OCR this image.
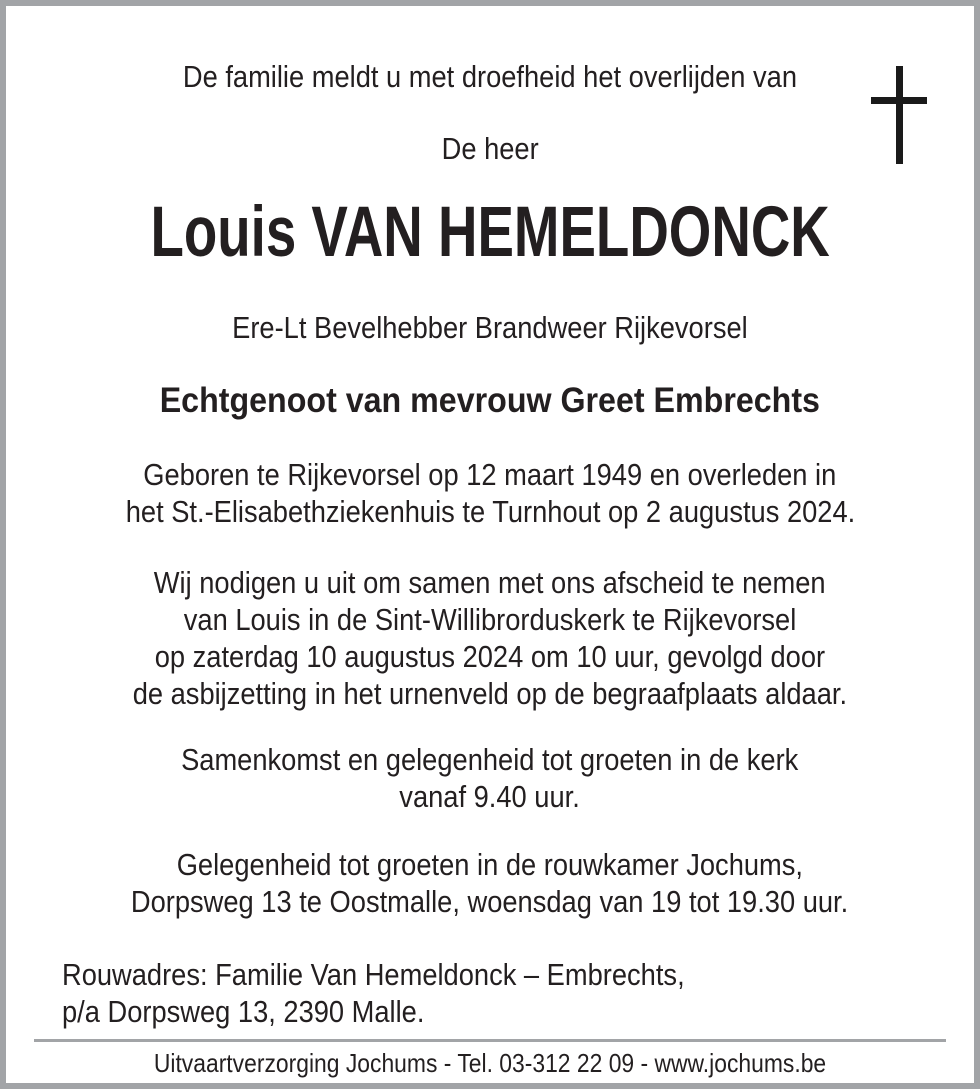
De familie meldt u met droefheid het overlijden van
De heer
Louis VAN HEMELDONCK
Ere-Lt Bevelhebber Brandweer Rijkevorsel
Echtgenoot van mevrouw Greet Embrechts
Geboren te Rijkevorsel op 12 maart 1949 en overleden in
het St.-Elisabethziekenhuis te Turnhout op 2 augustus 2024.
Wij nodigen u uit om samen met ons afscheid te nemen
van Louis in de Sint-Willibrorduskerk te Rijkevorsel
op zaterdag 10 augustus 2024 om 10 uur, gevolgd door
de asbijzetting in het urnenveld op de begraafplaats aldaar.
Samenkomst en gelegenheid tot groeten in de kerk
vanaf 9.40 uur.
Gelegenheid tot groeten in de rouwkamer Jochums,
Dorpsweg 13 te Oostmalle, woensdag van 19 tot 19.30 uur.
Rouwadres: Familie Van Hemeldonck – Embrechts,
p/a Dorpsweg 13, 2390 Malle.
Uitvaartverzorging Jochums - Tel. 03-312 22 09 - www.jochums.be
